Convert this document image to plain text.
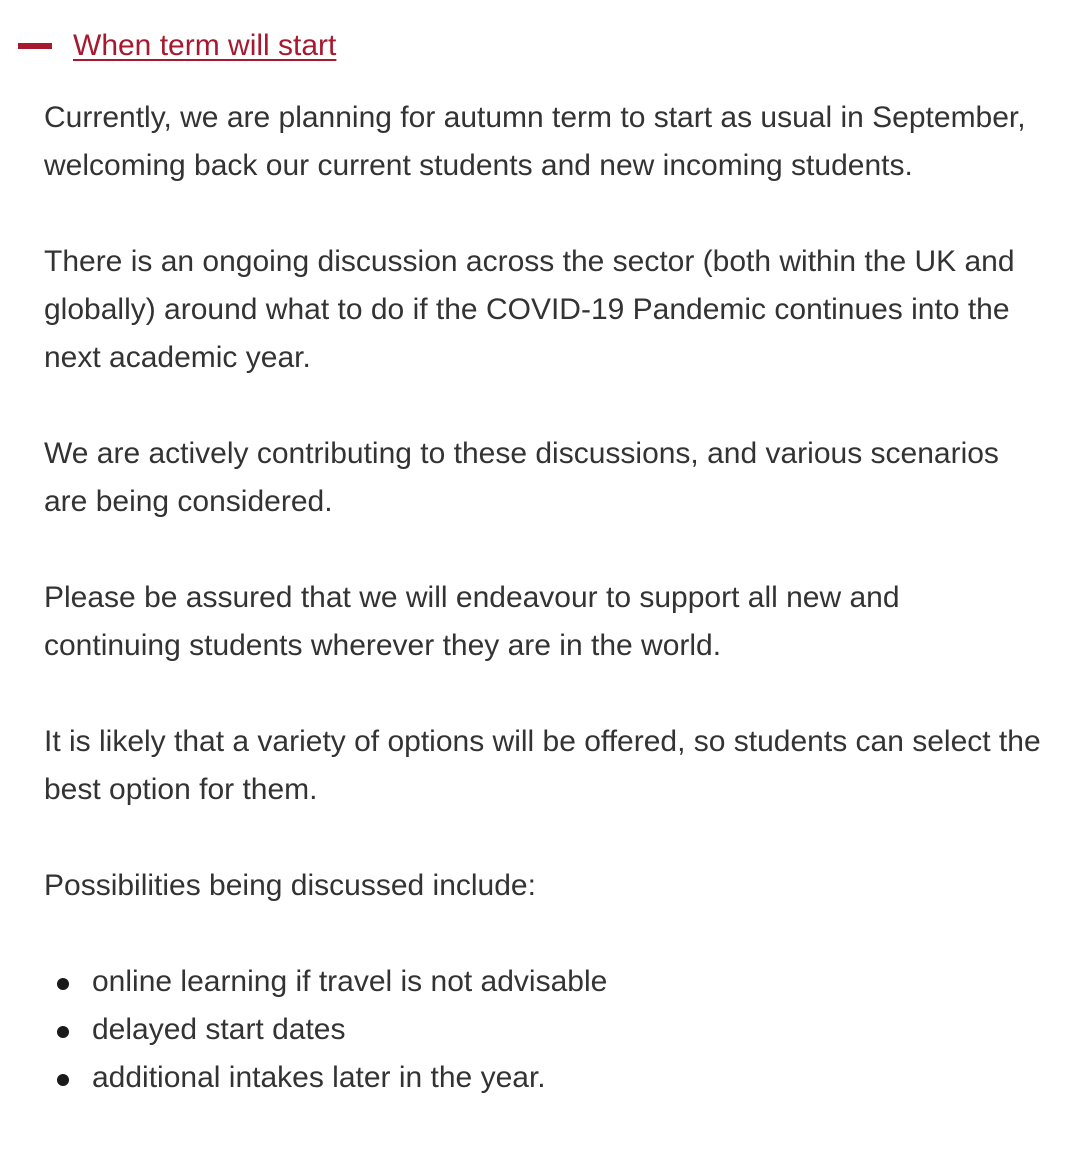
When term will start

Currently, we are planning for autumn term to start as usual in September, welcoming back our current students and new incoming students.

There is an ongoing discussion across the sector (both within the UK and globally) around what to do if the COVID-19 Pandemic continues into the next academic year.

We are actively contributing to these discussions, and various scenarios are being considered.

Please be assured that we will endeavour to support all new and continuing students wherever they are in the world.

It is likely that a variety of options will be offered, so students can select the best option for them.

Possibilities being discussed include:

online learning if travel is not advisable
delayed start dates
additional intakes later in the year.
